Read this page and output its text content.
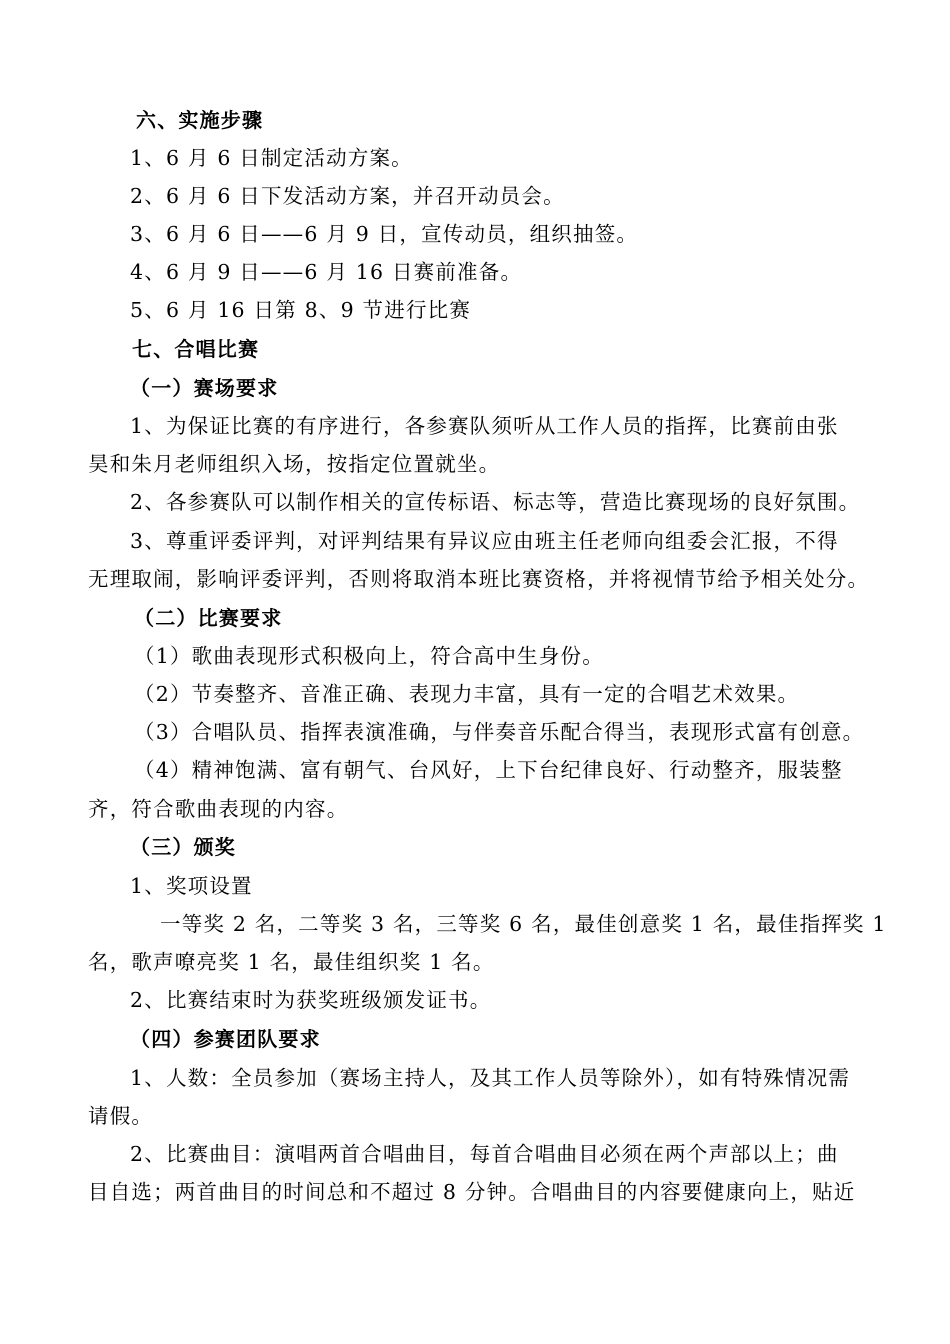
六、实施步骤
1、6 月 6 日制定活动方案。
2、6 月 6 日下发活动方案，并召开动员会。
3、6 月 6 日——6 月 9 日，宣传动员，组织抽签。
4、6 月 9 日——6 月 16 日赛前准备。
5、6 月 16 日第 8、9 节进行比赛
七、合唱比赛
（一）赛场要求
1、为保证比赛的有序进行，各参赛队须听从工作人员的指挥，比赛前由张
昊和朱月老师组织入场，按指定位置就坐。
2、各参赛队可以制作相关的宣传标语、标志等，营造比赛现场的良好氛围。
3、尊重评委评判，对评判结果有异议应由班主任老师向组委会汇报，不得
无理取闹，影响评委评判，否则将取消本班比赛资格，并将视情节给予相关处分。
（二）比赛要求
（1）歌曲表现形式积极向上，符合高中生身份。
（2）节奏整齐、音准正确、表现力丰富，具有一定的合唱艺术效果。
（3）合唱队员、指挥表演准确，与伴奏音乐配合得当，表现形式富有创意。
（4）精神饱满、富有朝气、台风好，上下台纪律良好、行动整齐，服装整
齐，符合歌曲表现的内容。
（三）颁奖
1、奖项设置
一等奖 2 名，二等奖 3 名，三等奖 6 名，最佳创意奖 1 名，最佳指挥奖 1
名，歌声嘹亮奖 1 名，最佳组织奖 1 名。
2、比赛结束时为获奖班级颁发证书。
（四）参赛团队要求
1、人数：全员参加（赛场主持人，及其工作人员等除外），如有特殊情况需
请假。
2、比赛曲目：演唱两首合唱曲目，每首合唱曲目必须在两个声部以上；曲
目自选；两首曲目的时间总和不超过 8 分钟。合唱曲目的内容要健康向上，贴近
